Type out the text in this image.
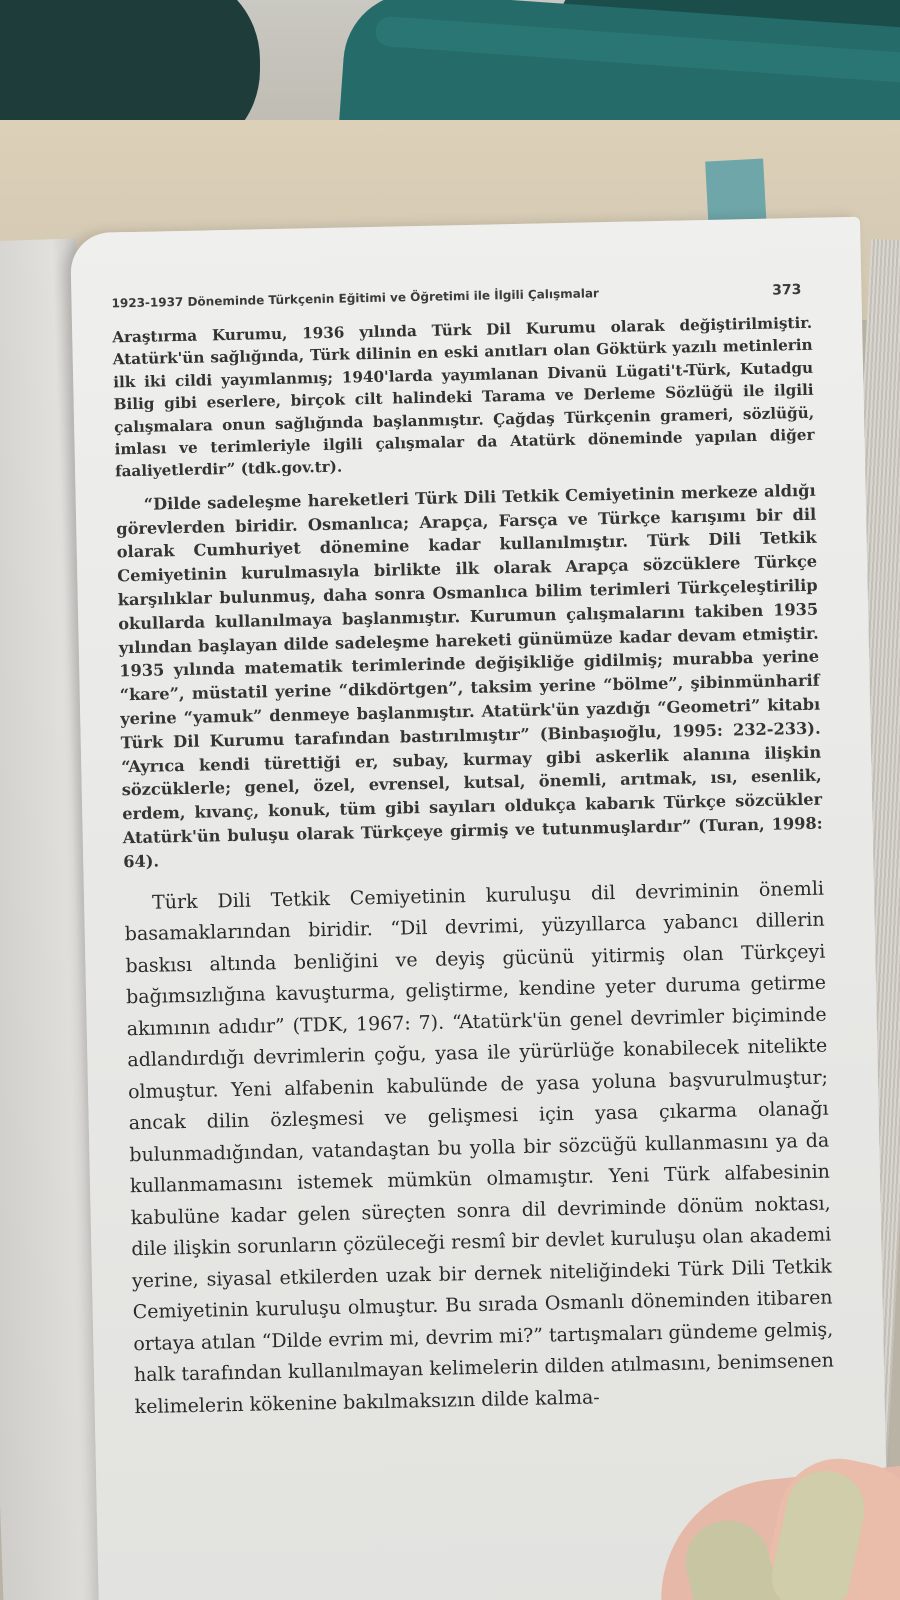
1923-1937 Döneminde Türkçenin Eğitimi ve Öğretimi ile İlgili Çalışmalar	373

Araştırma Kurumu, 1936 yılında Türk Dil Kurumu olarak değiştirilmiştir. Atatürk'ün sağlığında, Türk dilinin en eski anıtları olan Göktürk yazılı metinlerin ilk iki cildi yayımlanmış; 1940'larda yayımlanan Divanü Lügati't-Türk, Kutadgu Bilig gibi eserlere, birçok cilt halindeki Tarama ve Derleme Sözlüğü ile ilgili çalışmalara onun sağlığında başlanmıştır. Çağdaş Türkçenin grameri, sözlüğü, imlası ve terimleriyle ilgili çalışmalar da Atatürk döneminde yapılan diğer faaliyetlerdir” (tdk.gov.tr).

“Dilde sadeleşme hareketleri Türk Dili Tetkik Cemiyetinin merkeze aldığı görevlerden biridir. Osmanlıca; Arapça, Farsça ve Türkçe karışımı bir dil olarak Cumhuriyet dönemine kadar kullanılmıştır. Türk Dili Tetkik Cemiyetinin kurulmasıyla birlikte ilk olarak Arapça sözcüklere Türkçe karşılıklar bulunmuş, daha sonra Osmanlıca bilim terimleri Türkçeleştirilip okullarda kullanılmaya başlanmıştır. Kurumun çalışmalarını takiben 1935 yılından başlayan dilde sadeleşme hareketi günümüze kadar devam etmiştir. 1935 yılında matematik terimlerinde değişikliğe gidilmiş; murabba yerine “kare”, müstatil yerine “dikdörtgen”, taksim yerine “bölme”, şibinmünharif yerine “yamuk” denmeye başlanmıştır. Atatürk'ün yazdığı “Geometri” kitabı Türk Dil Kurumu tarafından bastırılmıştır” (Binbaşıoğlu, 1995: 232-233). “Ayrıca kendi türettiği er, subay, kurmay gibi askerlik alanına ilişkin sözcüklerle; genel, özel, evrensel, kutsal, önemli, arıtmak, ısı, esenlik, erdem, kıvanç, konuk, tüm gibi sayıları oldukça kabarık Türkçe sözcükler Atatürk'ün buluşu olarak Türkçeye girmiş ve tutunmuşlardır” (Turan, 1998: 64).

Türk Dili Tetkik Cemiyetinin kuruluşu dil devriminin önemli basamaklarından biridir. “Dil devrimi, yüzyıllarca yabancı dillerin baskısı altında benliğini ve deyiş gücünü yitirmiş olan Türkçeyi bağımsızlığına kavuşturma, geliştirme, kendine yeter duruma getirme akımının adıdır” (TDK, 1967: 7). “Atatürk'ün genel devrimler biçiminde adlandırdığı devrimlerin çoğu, yasa ile yürürlüğe konabilecek nitelikte olmuştur. Yeni alfabenin kabulünde de yasa yoluna başvurulmuştur; ancak dilin özleşmesi ve gelişmesi için yasa çıkarma olanağı bulunmadığından, vatandaştan bu yolla bir sözcüğü kullanmasını ya da kullanmamasını istemek mümkün olmamıştır. Yeni Türk alfabesinin kabulüne kadar gelen süreçten sonra dil devriminde dönüm noktası, dile ilişkin sorunların çözüleceği resmî bir devlet kuruluşu olan akademi yerine, siyasal etkilerden uzak bir dernek niteliğindeki Türk Dili Tetkik Cemiyetinin kuruluşu olmuştur. Bu sırada Osmanlı döneminden itibaren ortaya atılan “Dilde evrim mi, devrim mi?” tartışmaları gündeme gelmiş, halk tarafından kullanılmayan kelimelerin dilden atılmasını, benimsenen kelimelerin kökenine bakılmaksızın dilde kalma-
